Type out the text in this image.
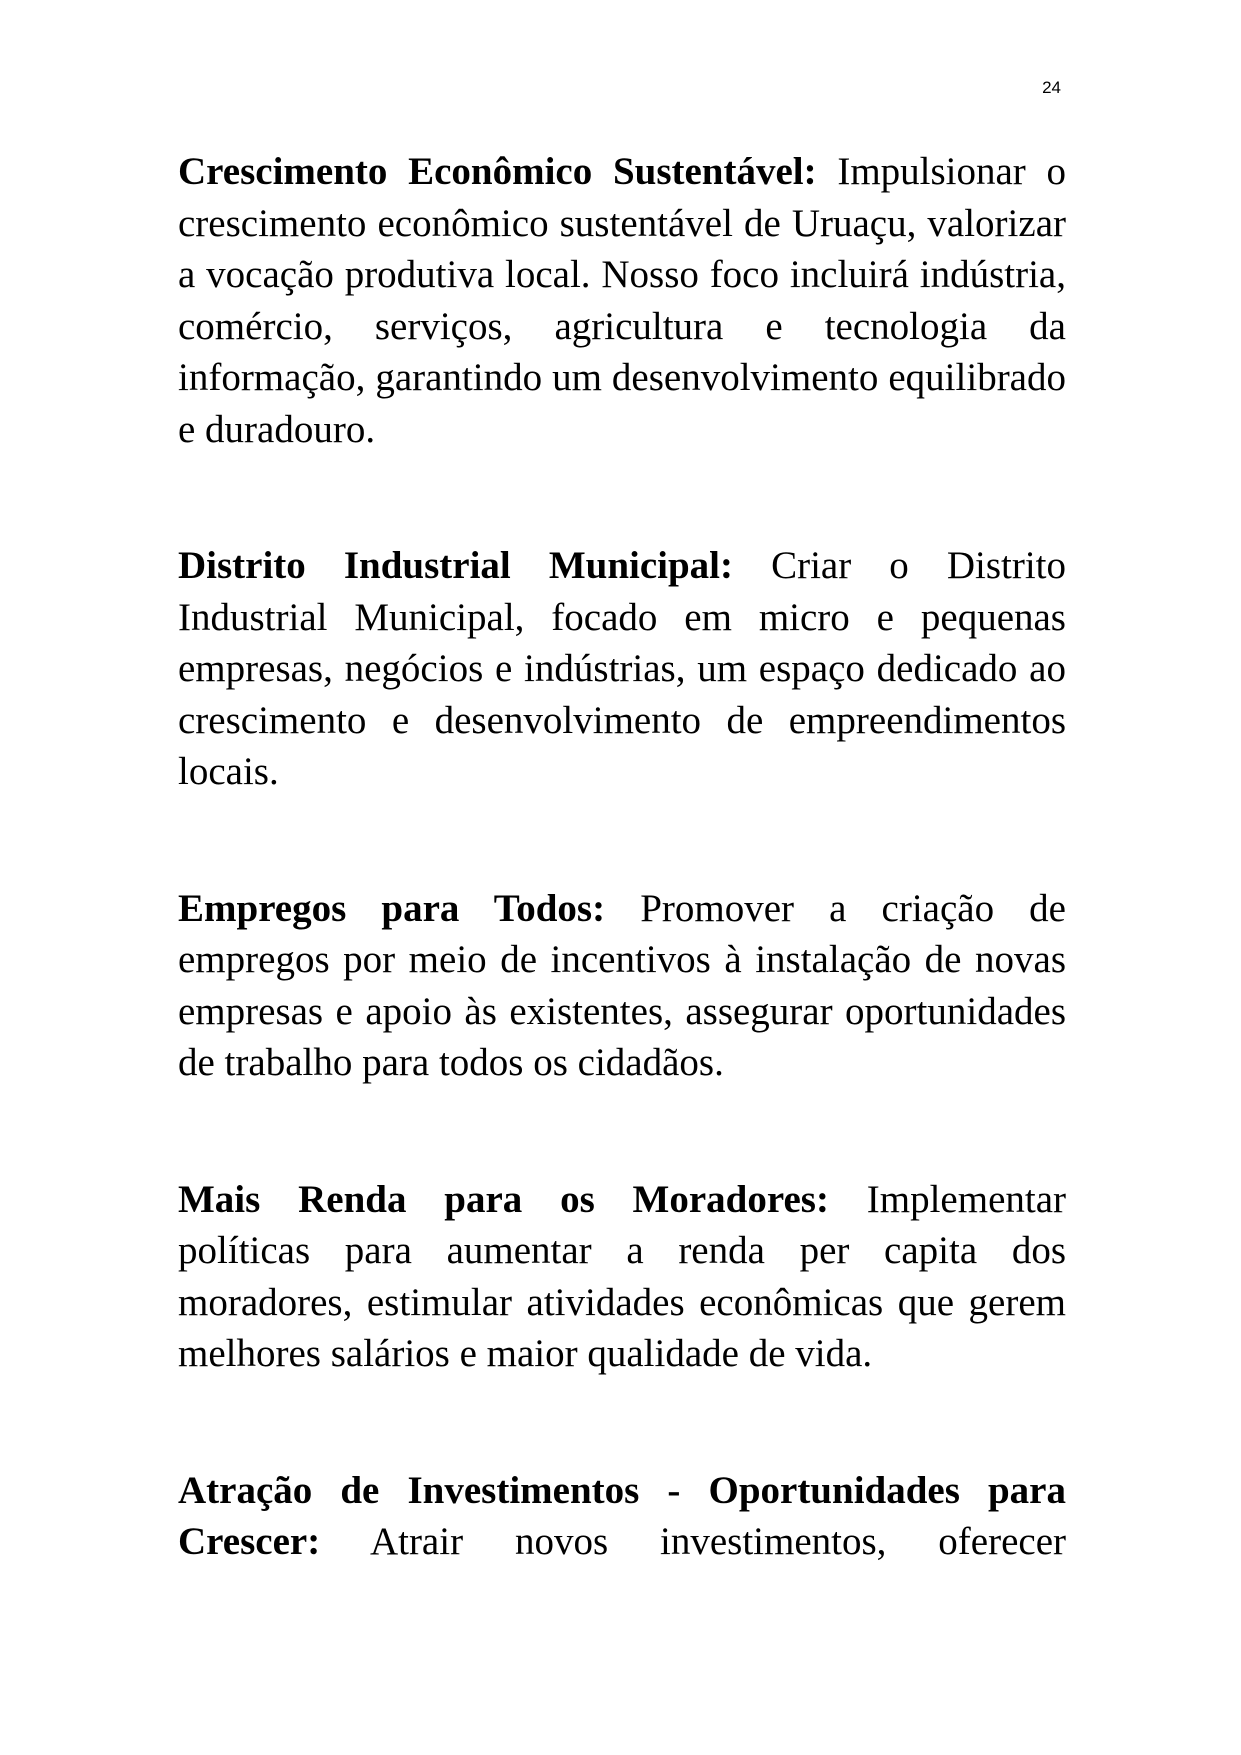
24

Crescimento Econômico Sustentável: Impulsionar o crescimento econômico sustentável de Uruaçu, valorizar a vocação produtiva local. Nosso foco incluirá indústria, comércio, serviços, agricultura e tecnologia da informação, garantindo um desenvolvimento equilibrado e duradouro.

Distrito Industrial Municipal: Criar o Distrito Industrial Municipal, focado em micro e pequenas empresas, negócios e indústrias, um espaço dedicado ao crescimento e desenvolvimento de empreendimentos locais.

Empregos para Todos: Promover a criação de empregos por meio de incentivos à instalação de novas empresas e apoio às existentes, assegurar oportunidades de trabalho para todos os cidadãos.

Mais Renda para os Moradores: Implementar políticas para aumentar a renda per capita dos moradores, estimular atividades econômicas que gerem melhores salários e maior qualidade de vida.

Atração de Investimentos - Oportunidades para Crescer: Atrair novos investimentos, oferecer
